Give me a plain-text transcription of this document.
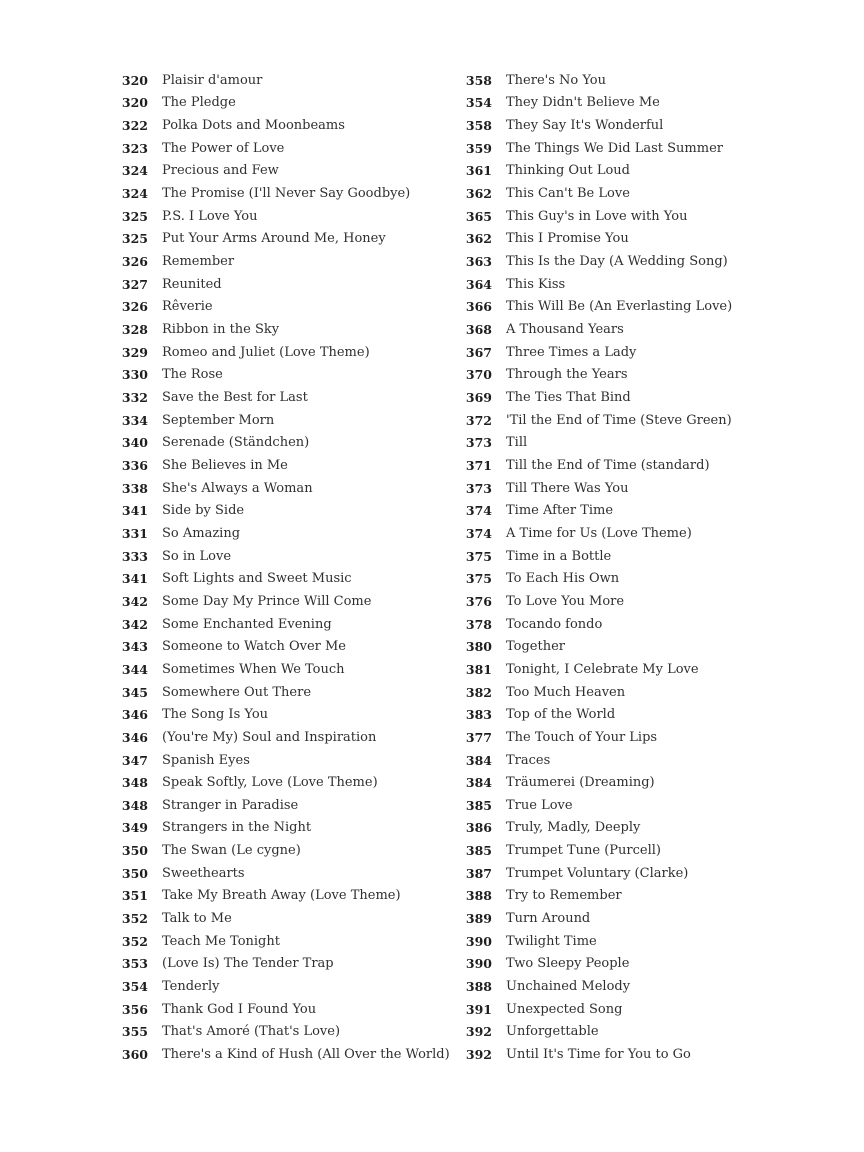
320 Plaisir d'amour
320 The Pledge
322 Polka Dots and Moonbeams
323 The Power of Love
324 Precious and Few
324 The Promise (I'll Never Say Goodbye)
325 P.S. I Love You
325 Put Your Arms Around Me, Honey
326 Remember
327 Reunited
326 Rêverie
328 Ribbon in the Sky
329 Romeo and Juliet (Love Theme)
330 The Rose
332 Save the Best for Last
334 September Morn
340 Serenade (Ständchen)
336 She Believes in Me
338 She's Always a Woman
341 Side by Side
331 So Amazing
333 So in Love
341 Soft Lights and Sweet Music
342 Some Day My Prince Will Come
342 Some Enchanted Evening
343 Someone to Watch Over Me
344 Sometimes When We Touch
345 Somewhere Out There
346 The Song Is You
346 (You're My) Soul and Inspiration
347 Spanish Eyes
348 Speak Softly, Love (Love Theme)
348 Stranger in Paradise
349 Strangers in the Night
350 The Swan (Le cygne)
350 Sweethearts
351 Take My Breath Away (Love Theme)
352 Talk to Me
352 Teach Me Tonight
353 (Love Is) The Tender Trap
354 Tenderly
356 Thank God I Found You
355 That's Amoré (That's Love)
360 There's a Kind of Hush (All Over the World)
358 There's No You
354 They Didn't Believe Me
358 They Say It's Wonderful
359 The Things We Did Last Summer
361 Thinking Out Loud
362 This Can't Be Love
365 This Guy's in Love with You
362 This I Promise You
363 This Is the Day (A Wedding Song)
364 This Kiss
366 This Will Be (An Everlasting Love)
368 A Thousand Years
367 Three Times a Lady
370 Through the Years
369 The Ties That Bind
372 'Til the End of Time (Steve Green)
373 Till
371 Till the End of Time (standard)
373 Till There Was You
374 Time After Time
374 A Time for Us (Love Theme)
375 Time in a Bottle
375 To Each His Own
376 To Love You More
378 Tocando fondo
380 Together
381 Tonight, I Celebrate My Love
382 Too Much Heaven
383 Top of the World
377 The Touch of Your Lips
384 Traces
384 Träumerei (Dreaming)
385 True Love
386 Truly, Madly, Deeply
385 Trumpet Tune (Purcell)
387 Trumpet Voluntary (Clarke)
388 Try to Remember
389 Turn Around
390 Twilight Time
390 Two Sleepy People
388 Unchained Melody
391 Unexpected Song
392 Unforgettable
392 Until It's Time for You to Go
